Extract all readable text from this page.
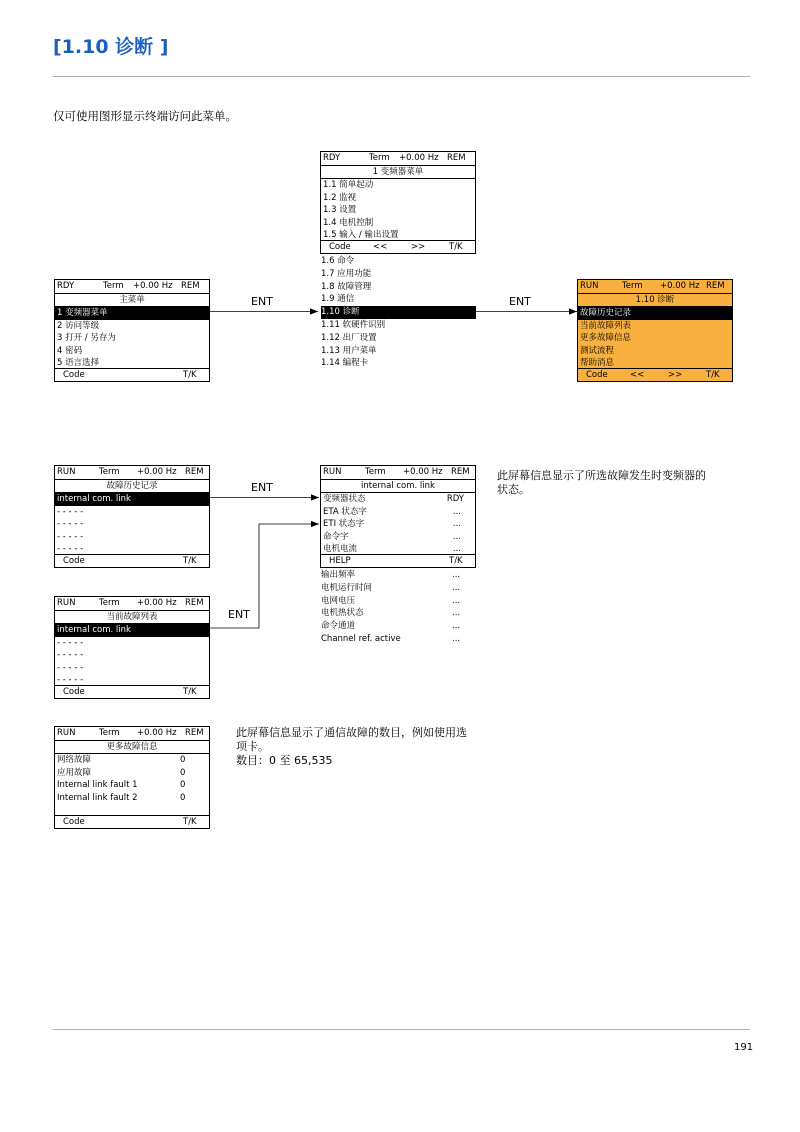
[1.10 诊断 ]
仅可使用图形显示终端访问此菜单。
ENT	ENT
ENT
ENT
RDY	Term +0.00 Hz REM
主菜单
1 变频器菜单
2 访问等级
3 打开 / 另存为
4 密码
5 语言选择
Code	T/K
RDY	Term +0.00 Hz REM
1 变频器菜单
1.1 简单起动
1.2 监视
1.3 设置
1.4 电机控制
1.5 输入 / 输出设置
Code	<<	>>	T/K
1.6 命令
1.7 应用功能
1.8 故障管理
1.9 通信
1.10 诊断
1.11 软硬件识别
1.12 出厂设置
1.13 用户菜单
1.14 编程卡
RUN	Term +0.00 Hz REM
1.10 诊断
故障历史记录
当前故障列表
更多故障信息
测试流程
帮助消息
Code	<<	>>	T/K
RUN	Term +0.00 Hz REM
故障历史记录
internal com. link
- - - - -
- - - - -
- - - - -
- - - - -
Code	T/K
RUN	Term +0.00 Hz REM
当前故障列表
internal com. link
- - - - -
- - - - -
- - - - -
- - - - -
Code	T/K
RUN	Term +0.00 Hz REM
internal com. link
变频器状态	RDY
ETA 状态字	...
ETI 状态字	...
命令字	...
电机电流	...
HELP	T/K
输出频率	...
电机运行时间	...
电网电压	...
电机热状态	...
命令通道	...
Channel ref. active	...
RUN	Term +0.00 Hz REM
更多故障信息
网络故障	0
应用故障	0
Internal link fault 1	0
Internal link fault 2	0
Code	T/K
此屏幕信息显示了所选故障发生时变频器的
状态。
此屏幕信息显示了通信故障的数目，例如使用选
项卡。
数目：0 至 65,535
191
